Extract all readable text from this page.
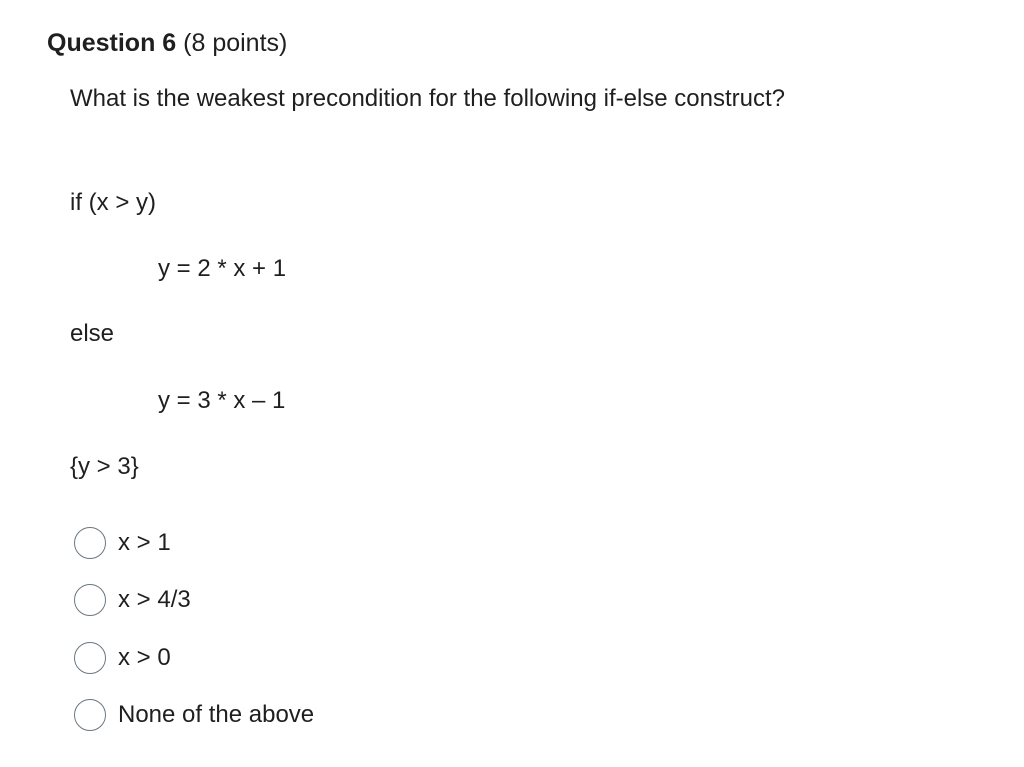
Question 6 (8 points)
What is the weakest precondition for the following if-else construct?
if (x > y)
y = 2 * x + 1
else
y = 3 * x – 1
{y > 3}
x > 1
x > 4/3
x > 0
None of the above
